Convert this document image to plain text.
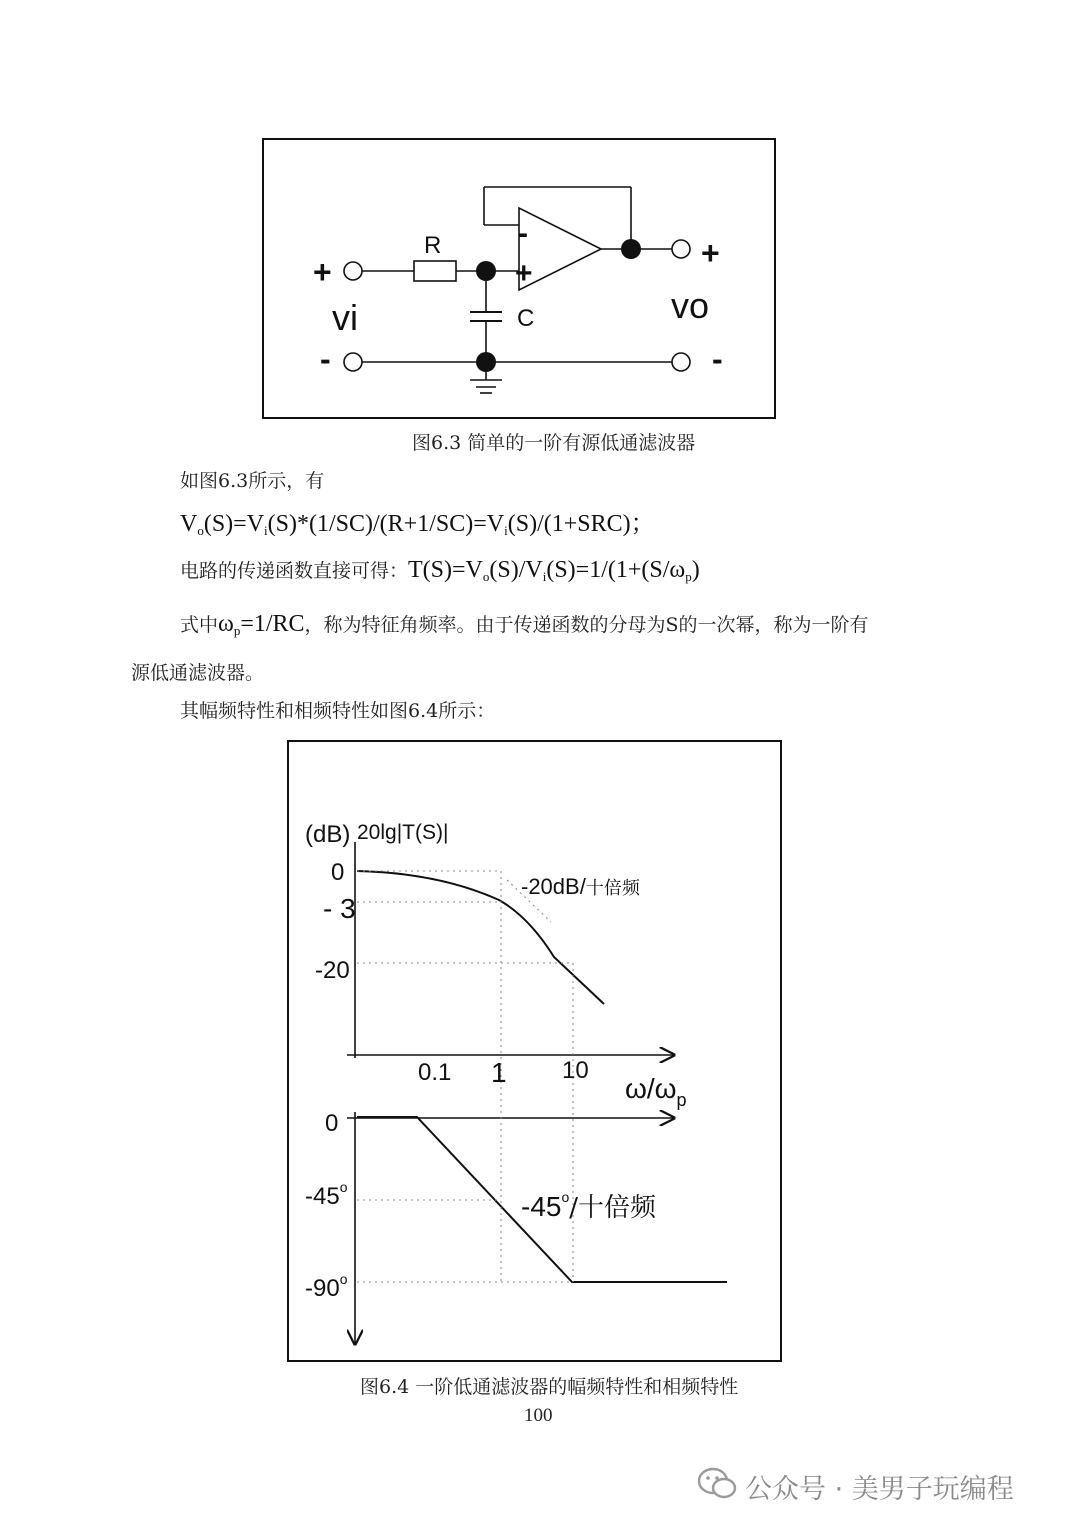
R
C
+
-
vi
+
-
vo
-
+
图6.3 简单的一阶有源低通滤波器
如图6.3所示，有
$V_o(S)=V_i(S)*(1/SC)/(R+1/SC)=V_i(S)/(1+SRC)$；
电路的传递函数直接可得：$T(S)=V_o(S)/V_i(S)=1/(1+(S/\omega_p)$
式中$\omega_p=1/RC$，称为特征角频率。由于传递函数的分母为S的一次幂，称为一阶有
源低通滤波器。
其幅频特性和相频特性如图6.4所示：
(dB) 20lg|T(S)|
0
- 3
-20
0.1 1 10
-20dB/十倍频
$\omega/\omega_p$
0
-45$^o$
-90$^o$
-45$^o$/十倍频
图6.4 一阶低通滤波器的幅频特性和相频特性
100
公众号 · 美男子玩编程
